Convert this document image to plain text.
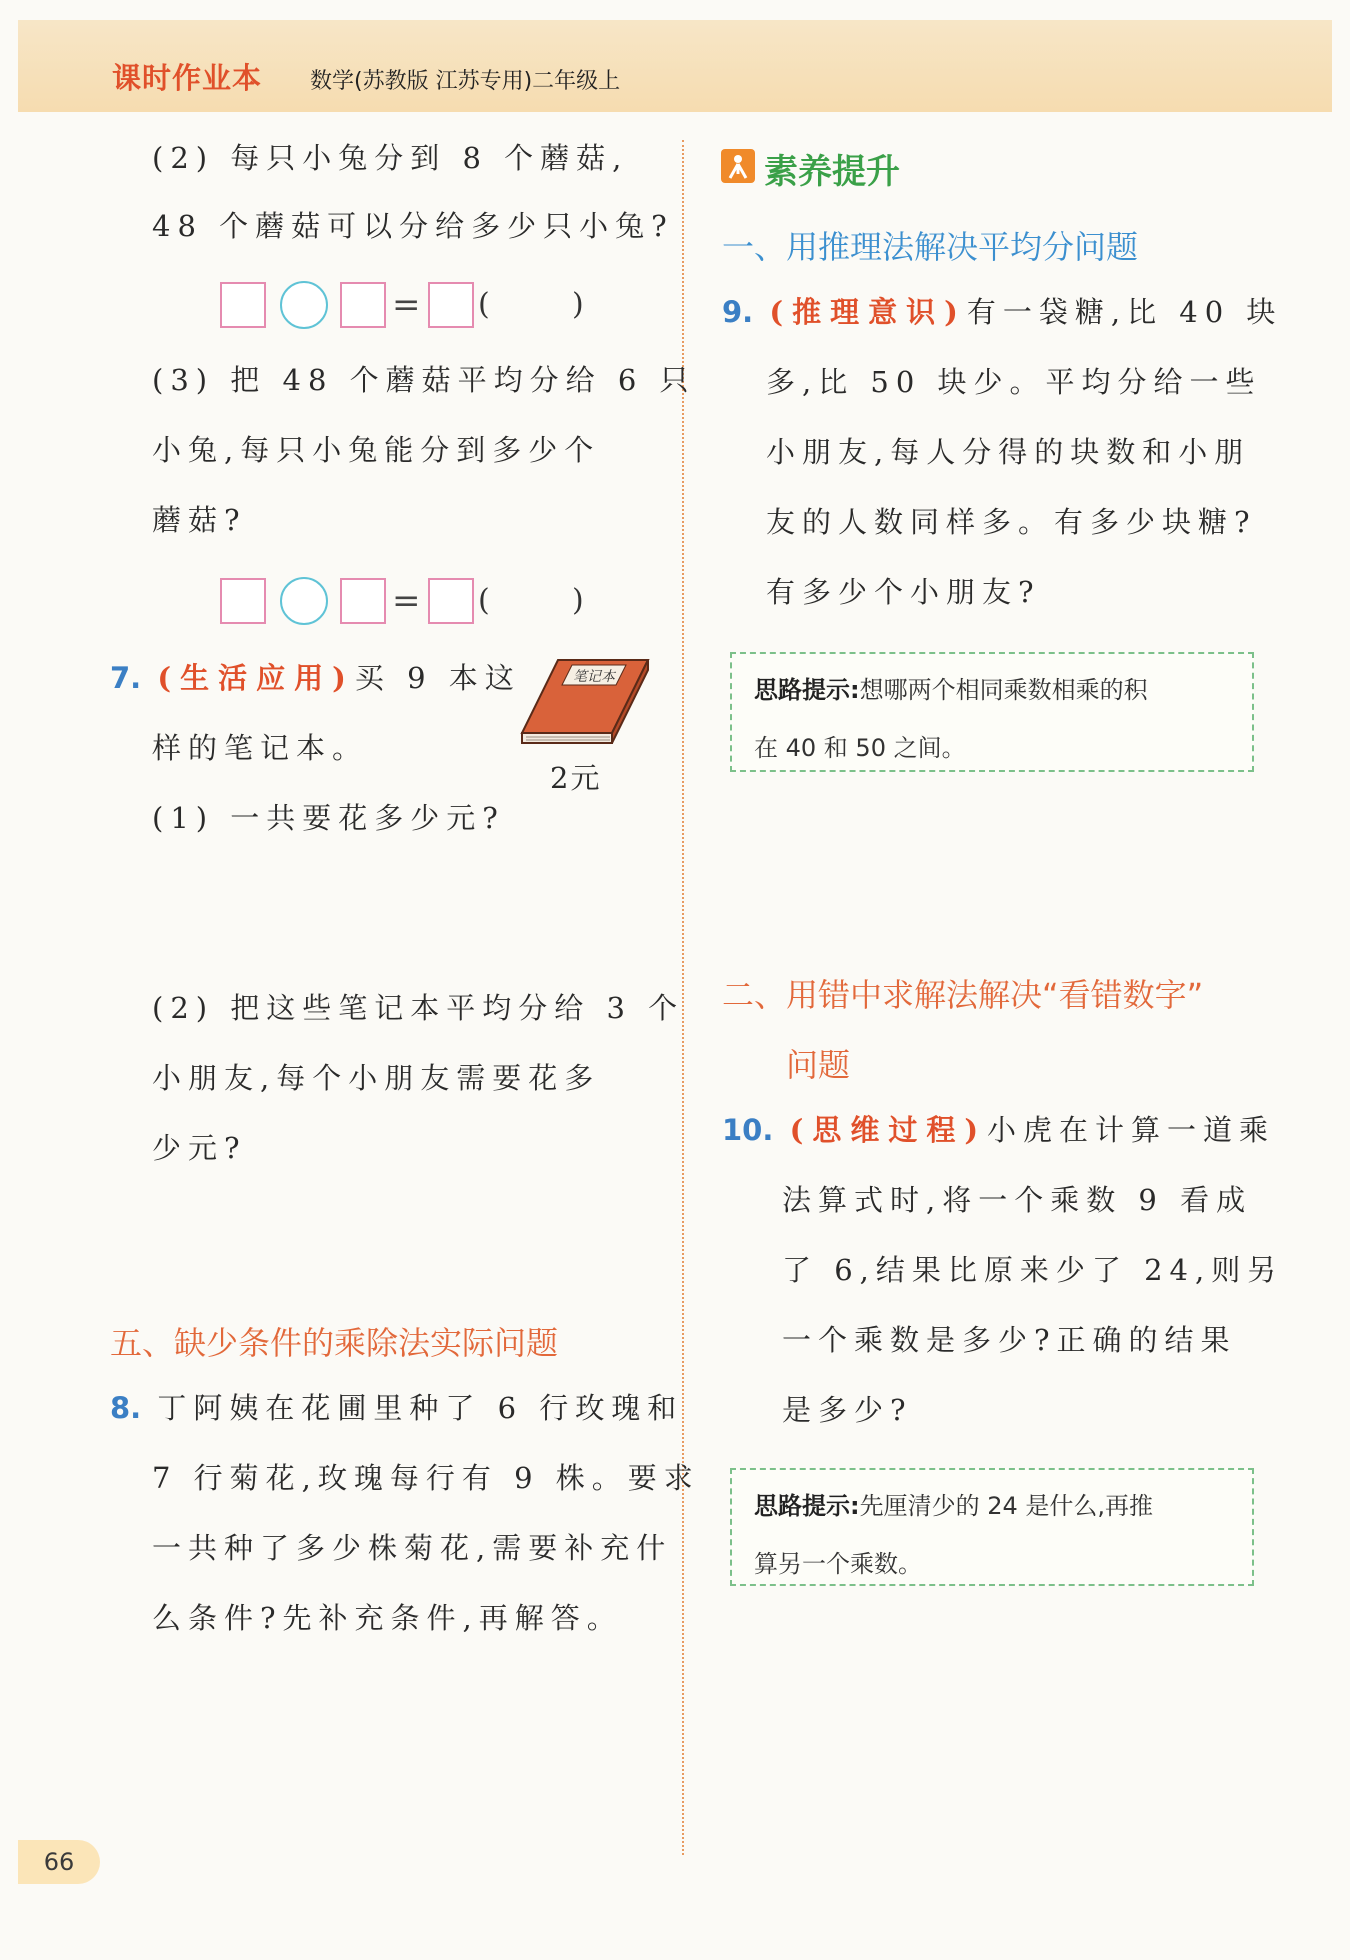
课时作业本 数学(苏教版 江苏专用)二年级上
(2) 每只小兔分到 8 个蘑菇,
48 个蘑菇可以分给多少只小兔?
= (	)
(3) 把 48 个蘑菇平均分给 6 只
小兔,每只小兔能分到多少个
蘑菇?
= (	)
7. (生活应用)买 9 本这
样的笔记本。
笔记本
2元
(1) 一共要花多少元?
(2) 把这些笔记本平均分给 3 个
小朋友,每个小朋友需要花多
少元?
五、缺少条件的乘除法实际问题
8. 丁阿姨在花圃里种了 6 行玫瑰和
7 行菊花,玫瑰每行有 9 株。要求
一共种了多少株菊花,需要补充什
么条件?先补充条件,再解答。
素养提升
一、用推理法解决平均分问题
9. (推理意识)有一袋糖,比 40 块
多,比 50 块少。平均分给一些
小朋友,每人分得的块数和小朋
友的人数同样多。有多少块糖?
有多少个小朋友?
思路提示:想哪两个相同乘数相乘的积
在 40 和 50 之间。
二、用错中求解法解决“看错数字”
问题
10. (思维过程)小虎在计算一道乘
法算式时,将一个乘数 9 看成
了 6,结果比原来少了 24,则另
一个乘数是多少?正确的结果
是多少?
思路提示:先厘清少的 24 是什么,再推
算另一个乘数。
66
